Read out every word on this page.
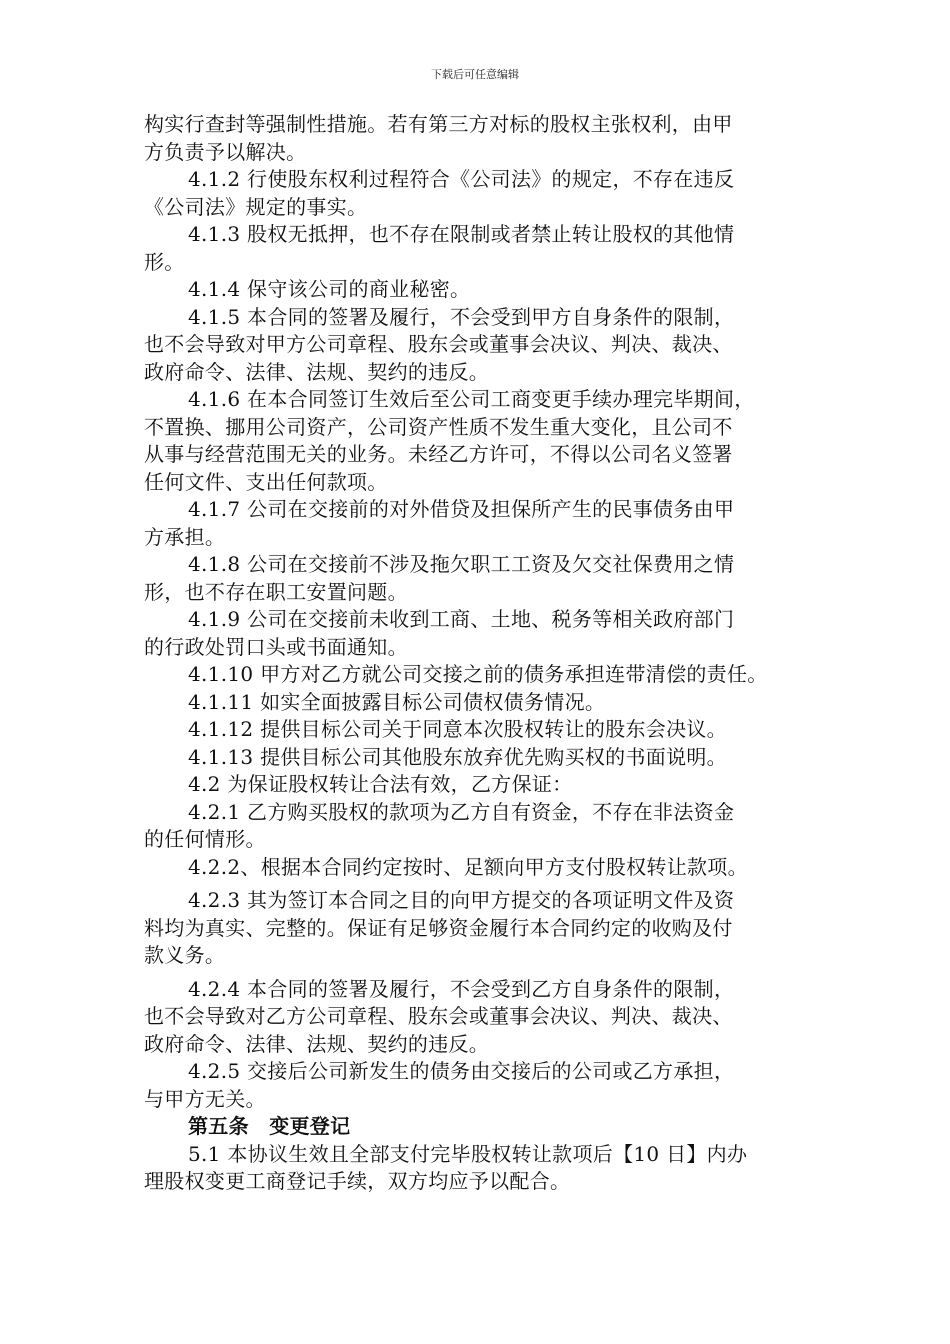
下载后可任意编辑
构实行查封等强制性措施。若有第三方对标的股权主张权利，由甲
方负责予以解决。
4.1.2 行使股东权利过程符合《公司法》的规定，不存在违反
《公司法》规定的事实。
4.1.3 股权无抵押，也不存在限制或者禁止转让股权的其他情
形。
4.1.4 保守该公司的商业秘密。
4.1.5 本合同的签署及履行，不会受到甲方自身条件的限制，
也不会导致对甲方公司章程、股东会或董事会决议、判决、裁决、
政府命令、法律、法规、契约的违反。
4.1.6 在本合同签订生效后至公司工商变更手续办理完毕期间，
不置换、挪用公司资产，公司资产性质不发生重大变化，且公司不
从事与经营范围无关的业务。未经乙方许可，不得以公司名义签署
任何文件、支出任何款项。
4.1.7 公司在交接前的对外借贷及担保所产生的民事债务由甲
方承担。
4.1.8 公司在交接前不涉及拖欠职工工资及欠交社保费用之情
形，也不存在职工安置问题。
4.1.9 公司在交接前未收到工商、土地、税务等相关政府部门
的行政处罚口头或书面通知。
4.1.10 甲方对乙方就公司交接之前的债务承担连带清偿的责任。
4.1.11 如实全面披露目标公司债权债务情况。
4.1.12 提供目标公司关于同意本次股权转让的股东会决议。
4.1.13 提供目标公司其他股东放弃优先购买权的书面说明。
4.2 为保证股权转让合法有效，乙方保证：
4.2.1 乙方购买股权的款项为乙方自有资金，不存在非法资金
的任何情形。
4.2.2、根据本合同约定按时、足额向甲方支付股权转让款项。
4.2.3 其为签订本合同之目的向甲方提交的各项证明文件及资
料均为真实、完整的。保证有足够资金履行本合同约定的收购及付
款义务。
4.2.4 本合同的签署及履行，不会受到乙方自身条件的限制，
也不会导致对乙方公司章程、股东会或董事会决议、判决、裁决、
政府命令、法律、法规、契约的违反。
4.2.5 交接后公司新发生的债务由交接后的公司或乙方承担，
与甲方无关。
第五条　变更登记
5.1 本协议生效且全部支付完毕股权转让款项后【10 日】内办
理股权变更工商登记手续，双方均应予以配合。
